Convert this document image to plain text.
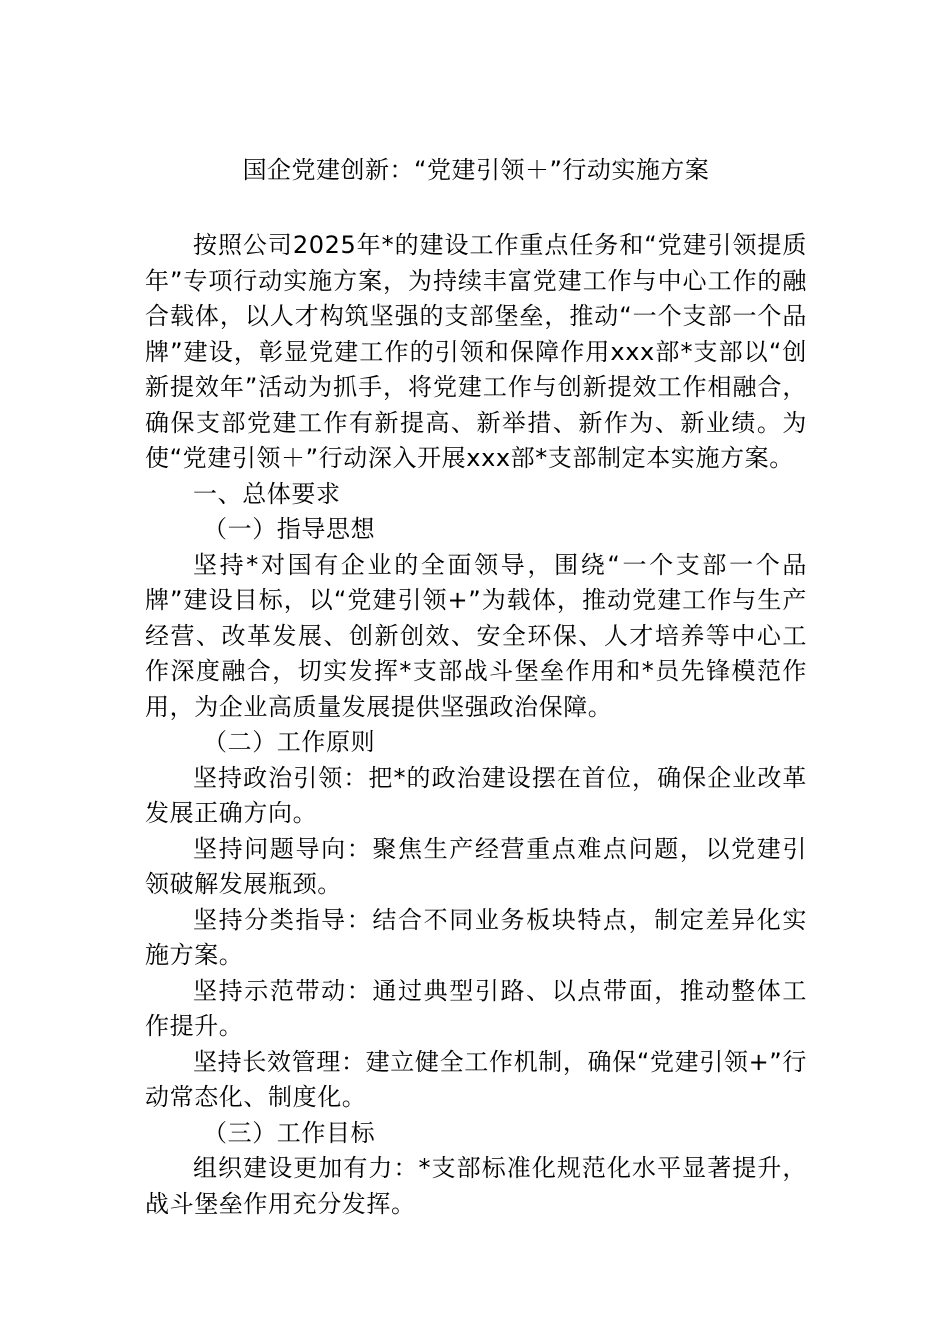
国企党建创新：“党建引领＋”行动实施方案

按照公司2025年*的建设工作重点任务和“党建引领提质年”专项行动实施方案，为持续丰富党建工作与中心工作的融合载体，以人才构筑坚强的支部堡垒，推动“一个支部一个品牌”建设，彰显党建工作的引领和保障作用xxx部*支部以“创新提效年”活动为抓手，将党建工作与创新提效工作相融合，确保支部党建工作有新提高、新举措、新作为、新业绩。为使“党建引领＋”行动深入开展xxx部*支部制定本实施方案。

一、总体要求

（一）指导思想

坚持*对国有企业的全面领导，围绕“一个支部一个品牌”建设目标，以“党建引领+”为载体，推动党建工作与生产经营、改革发展、创新创效、安全环保、人才培养等中心工作深度融合，切实发挥*支部战斗堡垒作用和*员先锋模范作用，为企业高质量发展提供坚强政治保障。

（二）工作原则

坚持政治引领：把*的政治建设摆在首位，确保企业改革发展正确方向。

坚持问题导向：聚焦生产经营重点难点问题，以党建引领破解发展瓶颈。

坚持分类指导：结合不同业务板块特点，制定差异化实施方案。

坚持示范带动：通过典型引路、以点带面，推动整体工作提升。

坚持长效管理：建立健全工作机制，确保“党建引领+”行动常态化、制度化。

（三）工作目标

组织建设更加有力：*支部标准化规范化水平显著提升，战斗堡垒作用充分发挥。
